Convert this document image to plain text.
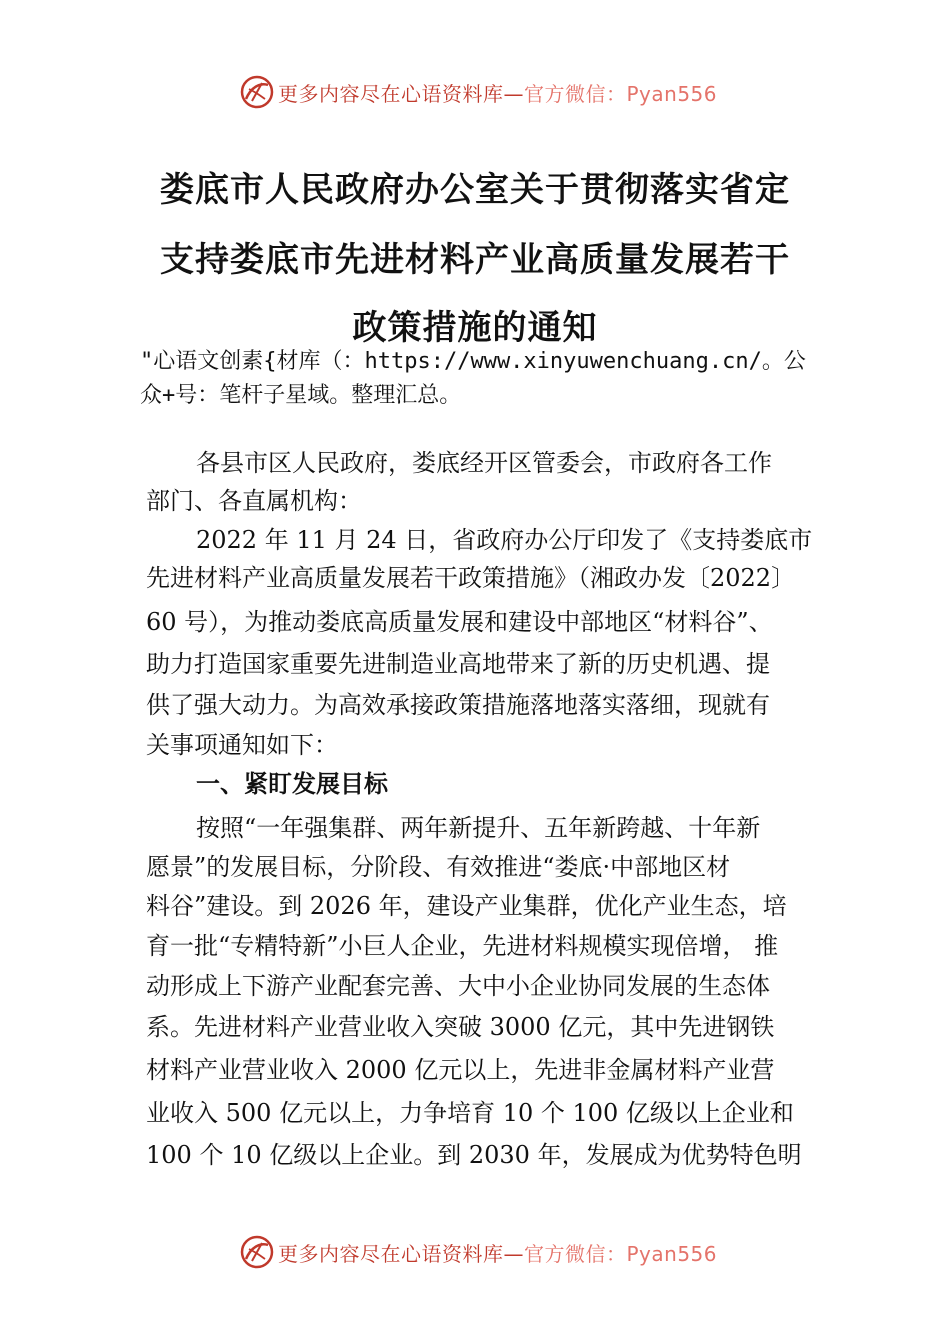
更多内容尽在心语资料库—官方微信：Pyan556
娄底市人民政府办公室关于贯彻落实省定
支持娄底市先进材料产业高质量发展若干
政策措施的通知
"心语文创素{材库（：https://www.xinyuwenchuang.cn/。公
众+号：笔杆子星域。整理汇总。
各县市区人民政府，娄底经开区管委会，市政府各工作
部门、各直属机构：
2022 年 11 月 24 日，省政府办公厅印发了《支持娄底市
先进材料产业高质量发展若干政策措施》（湘政办发〔2022〕
60 号），为推动娄底高质量发展和建设中部地区“材料谷”、
助力打造国家重要先进制造业高地带来了新的历史机遇、提
供了强大动力。为高效承接政策措施落地落实落细，现就有
关事项通知如下：
一、紧盯发展目标
按照“一年强集群、两年新提升、五年新跨越、十年新
愿景”的发展目标，分阶段、有效推进“娄底·中部地区材
料谷”建设。到 2026 年，建设产业集群，优化产业生态，培
育一批“专精特新”小巨人企业，先进材料规模实现倍增， 推
动形成上下游产业配套完善、大中小企业协同发展的生态体
系。先进材料产业营业收入突破 3000 亿元，其中先进钢铁
材料产业营业收入 2000 亿元以上，先进非金属材料产业营
业收入 500 亿元以上，力争培育 10 个 100 亿级以上企业和
100 个 10 亿级以上企业。到 2030 年，发展成为优势特色明
更多内容尽在心语资料库—官方微信：Pyan556
